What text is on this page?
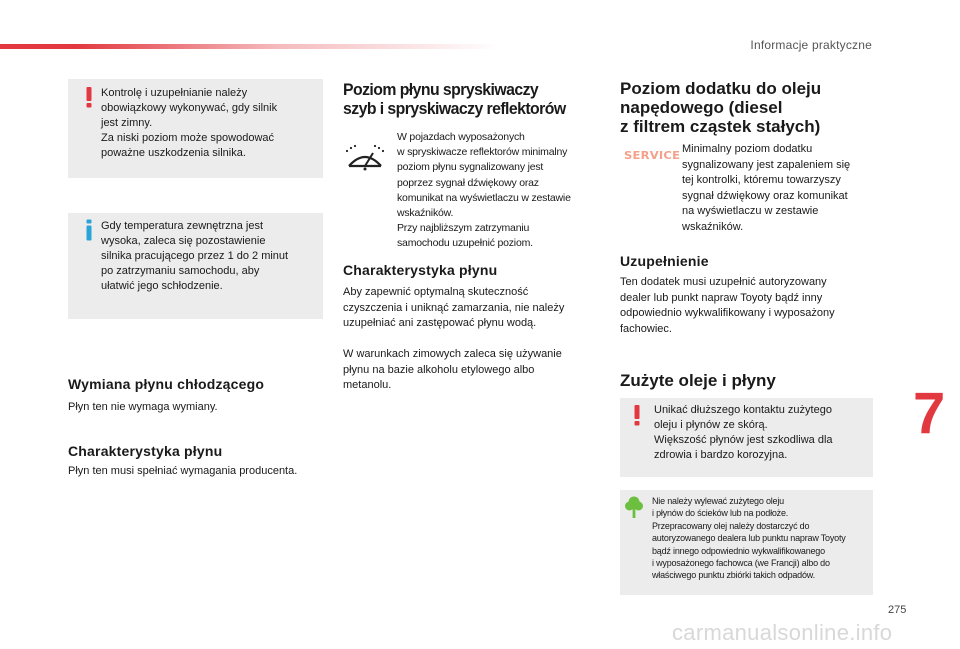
Informacje praktyczne
Kontrolę i uzupełnianie należy
obowiązkowy wykonywać, gdy silnik
jest zimny.
Za niski poziom może spowodować
poważne uszkodzenia silnika.
Gdy temperatura zewnętrzna jest
wysoka, zaleca się pozostawienie
silnika pracującego przez 1 do 2 minut
po zatrzymaniu samochodu, aby
ułatwić jego schłodzenie.
Wymiana płynu chłodzącego

Płyn ten nie wymaga wymiany.

Charakterystyka płynu

Płyn ten musi spełniać wymagania producenta.

Poziom płynu spryskiwaczy
szyb i spryskiwaczy reflektorów

W pojazdach wyposażonych
w spryskiwacze reflektorów minimalny
poziom płynu sygnalizowany jest
poprzez sygnał dźwiękowy oraz
komunikat na wyświetlaczu w zestawie
wskaźników.
Przy najbliższym zatrzymaniu
samochodu uzupełnić poziom.

Charakterystyka płynu

Aby zapewnić optymalną skuteczność
czyszczenia i uniknąć zamarzania, nie należy
uzupełniać ani zastępować płynu wodą.

W warunkach zimowych zaleca się używanie
płynu na bazie alkoholu etylowego albo
metanolu.

Poziom dodatku do oleju
napędowego (diesel
z filtrem cząstek stałych)
SERVICE Minimalny poziom dodatku
sygnalizowany jest zapaleniem się
tej kontrolki, któremu towarzyszy
sygnał dźwiękowy oraz komunikat
na wyświetlaczu w zestawie
wskaźników.

Uzupełnienie

Ten dodatek musi uzupełnić autoryzowany
dealer lub punkt napraw Toyoty bądź inny
odpowiednio wykwalifikowany i wyposażony
fachowiec.

Zużyte oleje i płyny
Unikać dłuższego kontaktu zużytego
oleju i płynów ze skórą.
Większość płynów jest szkodliwa dla
zdrowia i bardzo korozyjna.
Nie należy wylewać zużytego oleju
i płynów do ścieków lub na podłoże.
Przepracowany olej należy dostarczyć do
autoryzowanego dealera lub punktu napraw Toyoty
bądź innego odpowiednio wykwalifikowanego
i wyposażonego fachowca (we Francji) albo do
właściwego punktu zbiórki takich odpadów.
7
275
carmanualsonline.info
